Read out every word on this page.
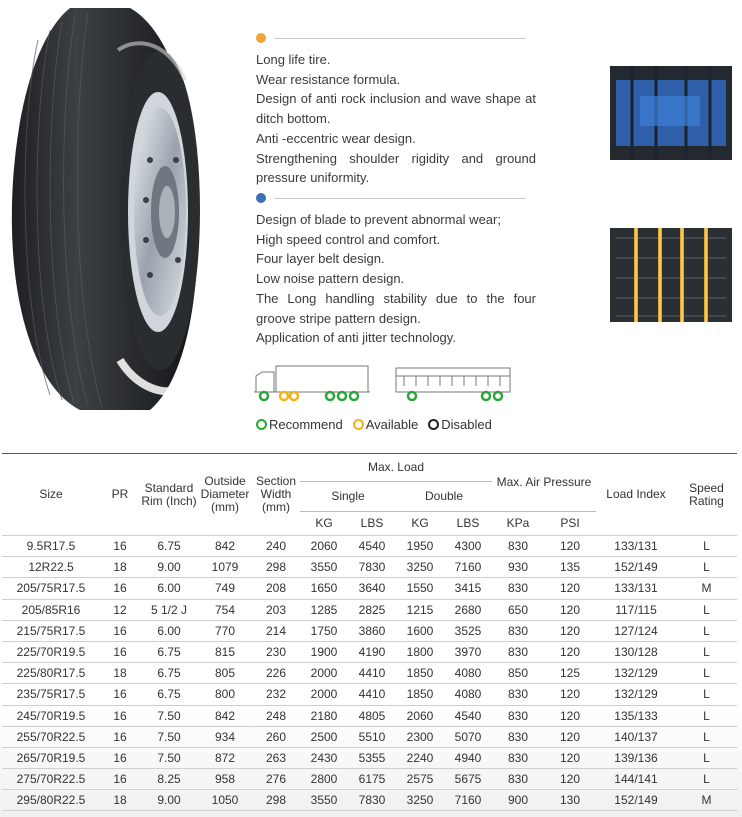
Long life tire.
Wear resistance formula.
Design of anti rock inclusion and wave shape at ditch bottom.
Anti -eccentric wear design.
Strengthening shoulder rigidity and ground pressure uniformity.
Design of blade to prevent abnormal wear;
High speed control and comfort.
Four layer belt design.
Low noise pattern design.
The Long handling stability due to the four groove stripe pattern design.
Application of anti jitter technology.
Recommend Available Disabled
Size	PR	Standard Rim (Inch)	Outside Diameter (mm)	Section Width (mm)	Max. Load				Max. Air Pressure		Load Index	Speed Rating
					Single		Double					
					KG	LBS	KG	LBS	KPa	PSI		
9.5R17.5	16	6.75	842	240	2060	4540	1950	4300	830	120	133/131	L
12R22.5	18	9.00	1079	298	3550	7830	3250	7160	930	135	152/149	L
205/75R17.5	16	6.00	749	208	1650	3640	1550	3415	830	120	133/131	M
205/85R16	12	5 1/2 J	754	203	1285	2825	1215	2680	650	120	117/115	L
215/75R17.5	16	6.00	770	214	1750	3860	1600	3525	830	120	127/124	L
225/70R19.5	16	6.75	815	230	1900	4190	1800	3970	830	120	130/128	L
225/80R17.5	18	6.75	805	226	2000	4410	1850	4080	850	125	132/129	L
235/75R17.5	16	6.75	800	232	2000	4410	1850	4080	830	120	132/129	L
245/70R19.5	16	7.50	842	248	2180	4805	2060	4540	830	120	135/133	L
255/70R22.5	16	7.50	934	260	2500	5510	2300	5070	830	120	140/137	L
265/70R19.5	16	7.50	872	263	2430	5355	2240	4940	830	120	139/136	L
275/70R22.5	16	8.25	958	276	2800	6175	2575	5675	830	120	144/141	L
295/80R22.5	18	9.00	1050	298	3550	7830	3250	7160	900	130	152/149	M
